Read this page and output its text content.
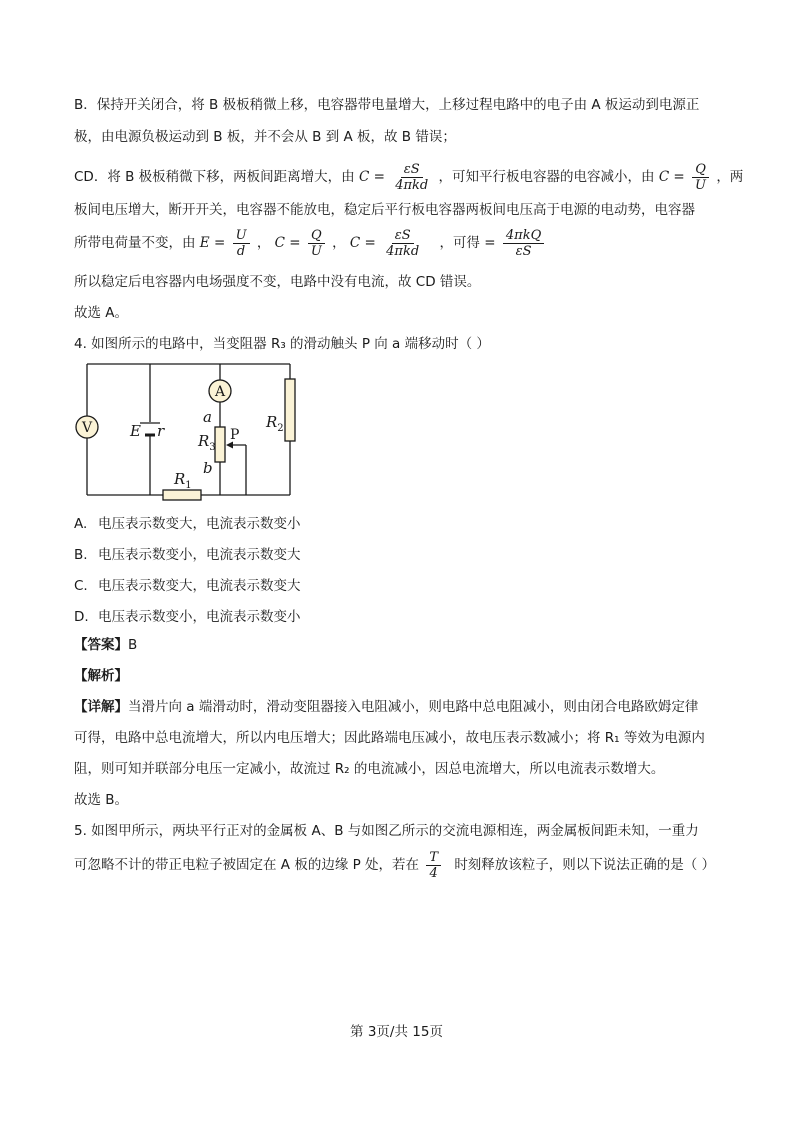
B．保持开关闭合，将 B 极板稍微上移，电容器带电量增大，上移过程电路中的电子由 A 板运动到电源正
极，由电源负极运动到 B 板，并不会从 B 到 A 板，故 B 错误；
CD．将 B 极板稍微下移，两板间距离增大，由 $C = \frac{\varepsilon S}{\text{4πkd}}$ ，可知平行板电容器的电容减小，由 $C = \frac{Q}{U}$ ，两
板间电压增大，断开开关，电容器不能放电，稳定后平行板电容器两板间电压高于电源的电动势，电容器
所带电荷量不变，由 $E = \frac{U}{d}$ ， $C = \frac{Q}{U}$ ， $C = \frac{\varepsilon S}{\text{4πkd}}$ ，可得 = $\frac{\text{4πkQ}}{\varepsilon S}$
所以稳定后电容器内电场强度不变，电路中没有电流，故 CD 错误。
故选 A。
4. 如图所示的电路中，当变阻器 R₃ 的滑动触头 P 向 a 端移动时（ ）
V
A
E r
a
b
$R_3$
P
$R_2$
$R_1$
A. 电压表示数变大，电流表示数变小
B. 电压表示数变小，电流表示数变大
C. 电压表示数变大，电流表示数变大
D. 电压表示数变小，电流表示数变小
【答案】B
【解析】
【详解】当滑片向 a 端滑动时，滑动变阻器接入电阻减小，则电路中总电阻减小，则由闭合电路欧姆定律
可得，电路中总电流增大，所以内电压增大；因此路端电压减小，故电压表示数减小；将 R₁ 等效为电源内
阻，则可知并联部分电压一定减小，故流过 R₂ 的电流减小，因总电流增大，所以电流表示数增大。
故选 B。
5. 如图甲所示，两块平行正对的金属板 A、B 与如图乙所示的交流电源相连，两金属板间距未知，一重力
可忽略不计的带正电粒子被固定在 A 板的边缘 P 处，若在 $\frac{T}{4}$ 时刻释放该粒子，则以下说法正确的是（ ）
第 3页/共 15页
